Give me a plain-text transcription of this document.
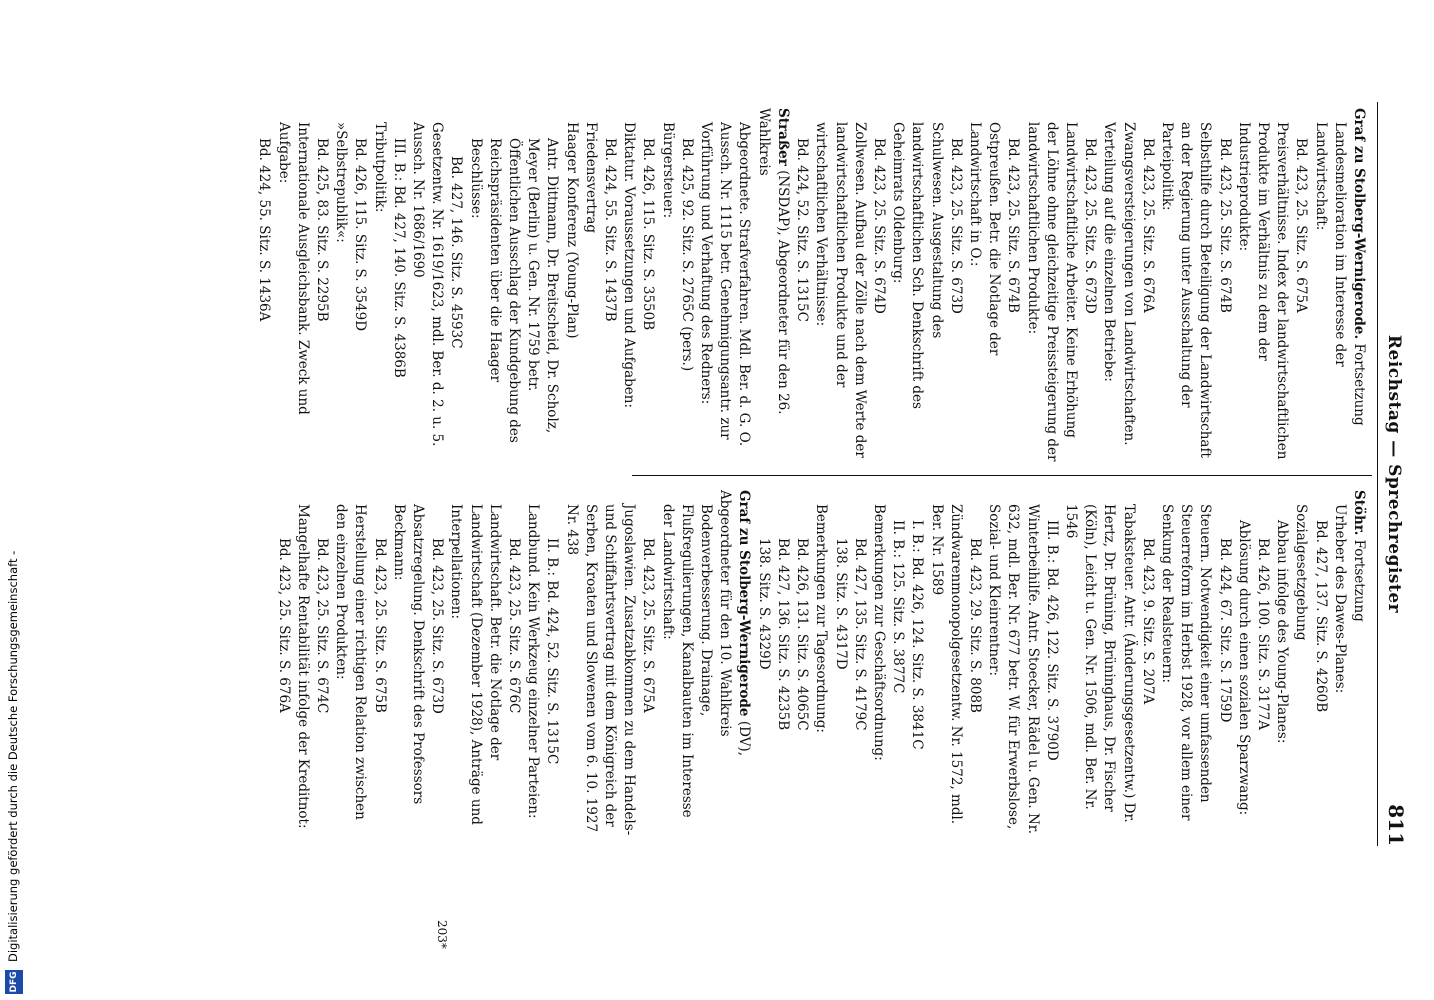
Reichstag — Sprechregister
811

Graf zu Stolberg-Wernigerode. Fortsetzung

Landesmelioration im Interesse der Landwirtschaft:

Bd. 423, 25. Sitz. S. 675A

Preisverhältnisse. Index der landwirtschaftlichen Produkte im Verhältnis zu dem der Industrieprodukte:

Bd. 423, 25. Sitz. S. 674B

Selbsthilfe durch Beteiligung der Landwirtschaft an der Regierung unter Ausschaltung der Parteipolitik:

Bd. 423, 25. Sitz. S. 676A

Zwangsversteigerungen von Landwirtschaften. Verteilung auf die einzelnen Betriebe:

Bd. 423, 25. Sitz. S. 673D

Landwirtschaftliche Arbeiter. Keine Erhöhung der Löhne ohne gleichzeitige Preissteigerung der landwirtschaftlichen Produkte:

Bd. 423, 25. Sitz. S. 674B

Ostpreußen. Betr. die Notlage der Landwirtschaft in O.:

Bd. 423, 25. Sitz. S. 673D

Schulwesen. Ausgestaltung des landwirtschaftlichen Sch. Denkschrift des Geheimrats Oldenburg:

Bd. 423, 25. Sitz. S. 674D

Zollwesen. Aufbau der Zölle nach dem Werte der landwirtschaftlichen Produkte und der wirtschaftlichen Verhältnisse:

Bd. 424, 52. Sitz. S. 1315C

Straßer (NSDAP), Abgeordneter für den 26. Wahlkreis

Abgeordnete. Strafverfahren. Mdl. Ber. d. G. O. Aussch. Nr. 1115 betr. Genehmigungsantr. zur Vorführung und Verhaftung des Redners:

Bd. 425, 92. Sitz. S. 2765C (pers.)

Bürgersteuer:

Bd. 426, 115. Sitz. S. 3550B

Diktatur. Voraussetzungen und Aufgaben:

Bd. 424, 55. Sitz. S. 1437B

Friedensvertrag

Haager Konferenz (Young-Plan)

Antr. Dittmann, Dr. Breitscheid, Dr. Scholz, Meyer (Berlin) u. Gen. Nr. 1759 betr. Öffentlichen Ausschlag der Kundgebung des Reichspräsidenten über die Haager Beschlüsse:

Bd. 427, 146. Sitz. S. 4593C

Gesetzentw. Nr. 1619/1623, mdl. Ber. d. 2. u. 5. Aussch. Nr. 1686/1690

III. B.: Bd. 427, 140. Sitz. S. 4386B

Tributpolitik:

Bd. 426, 115. Sitz. S. 3549D

»Selbstrepublik«:

Bd. 425, 83. Sitz. S. 2295B

Internationale Ausgleichsbank. Zweck und Aufgabe:

Bd. 424, 55. Sitz. S. 1436A

Stöhr. Fortsetzung

Urheber des Dawes-Planes:

Bd. 427, 137. Sitz. S. 4260B

Sozialgesetzgebung

Abbau infolge des Young-Planes:

Bd. 426, 100. Sitz. S. 3177A

Ablösung durch einen sozialen Sparzwang:

Bd. 424, 67. Sitz. S. 1759D

Steuern. Notwendigkeit einer umfassenden Steuerreform im Herbst 1928, vor allem einer Senkung der Realsteuern:

Bd. 423, 9. Sitz. S. 207A

Tabaksteuer. Antr. (Änderungsgesetzentw.) Dr. Hertz, Dr. Brüning, Brüninghaus, Dr. Fischer (Köln), Leicht u. Gen. Nr. 1506, mdl. Ber. Nr. 1546

III. B.: Bd. 426, 122. Sitz. S. 3790D

Winterbeihilfe. Antr. Stoecker, Rädel u. Gen. Nr. 632, mdl. Ber. Nr. 677 betr. W. für Erwerbslose, Sozial- und Kleinrentner:

Bd. 423, 29. Sitz. S. 808B

Zündwarenmonopolgesetzentw. Nr. 1572, mdl. Ber. Nr. 1589

I. B.: Bd. 426, 124. Sitz. S. 3841C

II. B.: 125. Sitz. S. 3877C

Bemerkungen zur Geschäftsordnung:

Bd. 427, 135. Sitz. S. 4179C

138. Sitz. S. 4317D

Bemerkungen zur Tagesordnung:

Bd. 426, 131. Sitz. S. 4065C

Bd. 427, 136. Sitz. S. 4235B

138. Sitz. S. 4329D

Graf zu Stolberg-Wernigerode (DV), Abgeordneter für den 10. Wahlkreis

Bodenverbesserung. Drainage, Flußregulierungen, Kanalbauten im Interesse der Landwirtschaft:

Bd. 423, 25. Sitz. S. 675A

Jugoslawien. Zusatzabkommen zu dem Handels- und Schiffahrtsvertrag mit dem Königreich der Serben, Kroaten und Slowenen vom 6. 10. 1927 Nr. 438

II. B.: Bd. 424, 52. Sitz. S. 1315C

Landbund. Kein Werkzeug einzelner Parteien:

Bd. 423, 25. Sitz. S. 676C

Landwirtschaft. Betr. die Notlage der Landwirtschaft (Dezember 1928), Anträge und Interpellationen:

Bd. 423, 25. Sitz. S. 673D

Absatzregelung. Denkschrift des Professors Beckmann:

Bd. 423, 25. Sitz. S. 675B

Herstellung einer richtigen Relation zwischen den einzelnen Produkten:

Bd. 423, 25. Sitz. S. 674C

Mangelhafte Rentabilität infolge der Kreditnot:

Bd. 423, 25. Sitz. S. 676A

203*
DFG
Digitalisierung gefördert durch die Deutsche Forschungsgemeinschaft -
